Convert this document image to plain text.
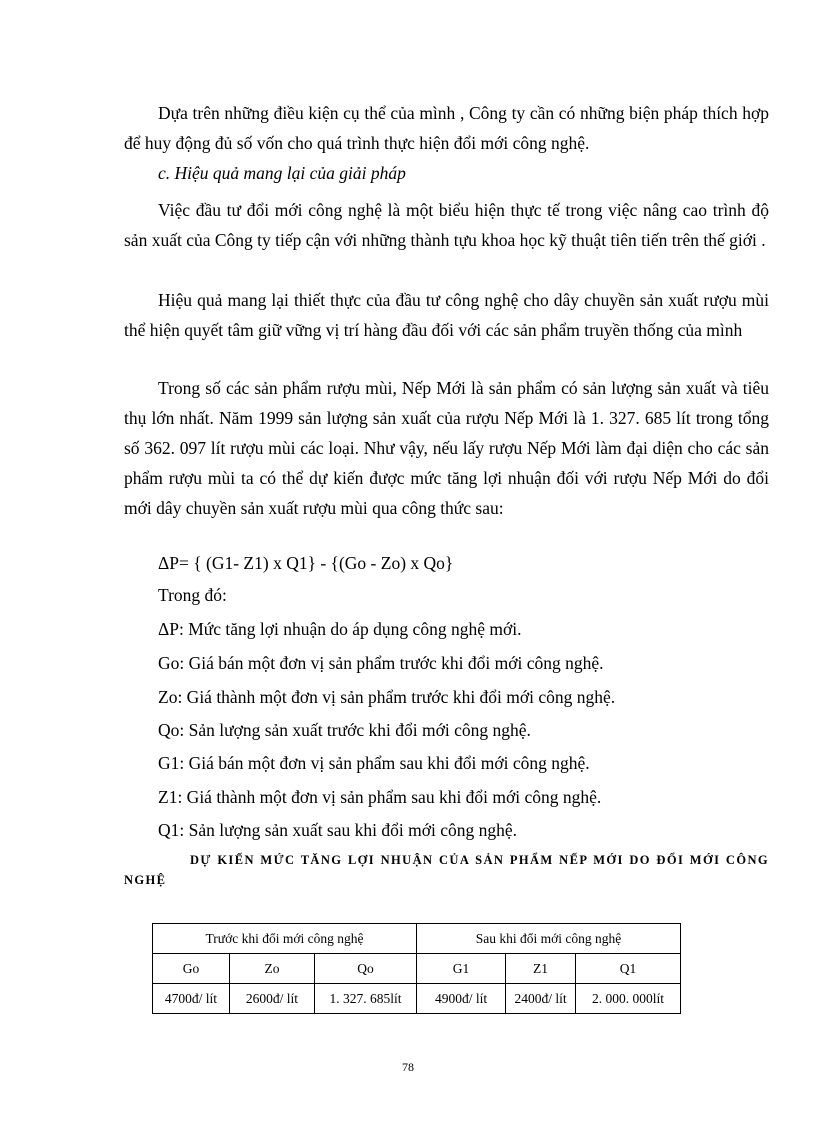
Dựa trên những điều kiện cụ thể của mình , Công ty cần có những biện pháp thích hợp để huy động đủ số vốn cho quá trình thực hiện đổi mới công nghệ.

c. Hiệu quả mang lại của giải pháp

Việc đầu tư đổi mới công nghệ là một biểu hiện thực tế trong việc nâng cao trình độ sản xuất của Công ty tiếp cận với những thành tựu khoa học kỹ thuật tiên tiến trên thế giới .

Hiệu quả mang lại thiết thực của đầu tư công nghệ cho dây chuyền sản xuất rượu mùi thể hiện quyết tâm giữ vững vị trí hàng đầu đối với các sản phẩm truyền thống của mình

Trong số các sản phẩm rượu mùi, Nếp Mới là sản phẩm có sản lượng sản xuất và tiêu thụ lớn nhất. Năm 1999 sản lượng sản xuất của rượu Nếp Mới là 1. 327. 685 lít trong tổng số 362. 097 lít rượu mùi các loại. Như vậy, nếu lấy rượu Nếp Mới làm đại diện cho các sản phẩm rượu mùi ta có thể dự kiến được mức tăng lợi nhuận đối với rượu Nếp Mới do đổi mới dây chuyền sản xuất rượu mùi qua công thức sau:

ΔP= { (G1- Z1) x Q1} - {(Go - Zo) x Qo}

Trong đó:

ΔP: Mức tăng lợi nhuận do áp dụng công nghệ mới.

Go: Giá bán một đơn vị sản phẩm trước khi đổi mới công nghệ.

Zo: Giá thành một đơn vị sản phẩm trước khi đổi mới công nghệ.

Qo: Sản lượng sản xuất trước khi đổi mới công nghệ.

G1: Giá bán một đơn vị sản phẩm sau khi đổi mới công nghệ.

Z1: Giá thành một đơn vị sản phẩm sau khi đổi mới công nghệ.

Q1: Sản lượng sản xuất sau khi đổi mới công nghệ.

DỰ KIẾN MỨC TĂNG LỢI NHUẬN CỦA SẢN PHẨM NẾP MỚI DO ĐỔI MỚI CÔNG NGHỆ

Trước khi đổi mới công nghệ			Sau khi đổi mới công nghệ		
Go	Zo	Qo	G1	Z1	Q1
4700đ/ lít	2600đ/ lít	1. 327. 685lít	4900đ/ lít	2400đ/ lít	2. 000. 000lít
78
